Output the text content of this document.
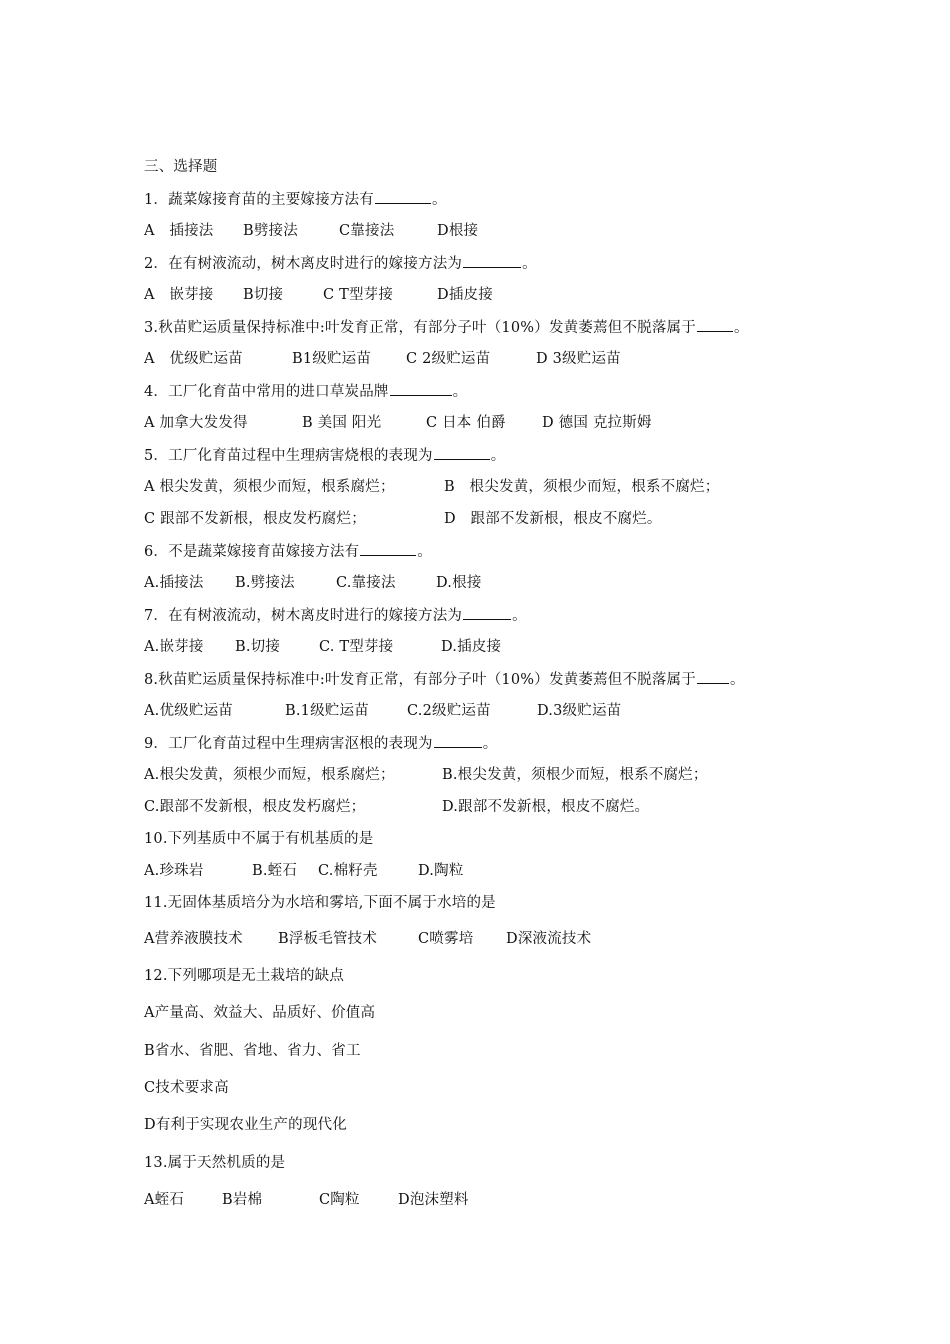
三、选择题
1．蔬菜嫁接育苗的主要嫁接方法有	。
A　插接法 B劈接法	C靠接法	D根接
2．在有树液流动，树木离皮时进行的嫁接方法为	。
A　嵌芽接 B切接	C T型芽接	D插皮接
3.秋苗贮运质量保持标准中:叶发育正常，有部分子叶（10%）发黄萎蔫但不脱落属于	。
A　优级贮运苗	B1级贮运苗 C 2级贮运苗	D 3级贮运苗
4．工厂化育苗中常用的进口草炭品牌	。
A 加拿大发发得	B 美国 阳光	C 日本 伯爵	D 德国 克拉斯姆
5．工厂化育苗过程中生理病害烧根的表现为	。
A 根尖发黄，须根少而短，根系腐烂；	B　根尖发黄，须根少而短，根系不腐烂；
C 跟部不发新根，根皮发朽腐烂；	D　跟部不发新根，根皮不腐烂。
6．不是蔬菜嫁接育苗嫁接方法有	。
A.插接法 B.劈接法	C.靠接法	D.根接
7．在有树液流动，树木离皮时进行的嫁接方法为	。
A.嵌芽接 B.切接	C. T型芽接	D.插皮接
8.秋苗贮运质量保持标准中:叶发育正常，有部分子叶（10%）发黄萎蔫但不脱落属于 。
A.优级贮运苗	B.1级贮运苗	C.2级贮运苗	D.3级贮运苗
9．工厂化育苗过程中生理病害沤根的表现为	。
A.根尖发黄，须根少而短，根系腐烂；	B.根尖发黄，须根少而短，根系不腐烂；
C.跟部不发新根，根皮发朽腐烂；	D.跟部不发新根，根皮不腐烂。
10.下列基质中不属于有机基质的是
A.珍珠岩	B.蛭石 C.棉籽壳	D.陶粒
11.无固体基质培分为水培和雾培,下面不属于水培的是
A营养液膜技术 B浮板毛管技术	C喷雾培 D深液流技术
12.下列哪项是无土栽培的缺点
A产量高、效益大、品质好、价值高
B省水、省肥、省地、省力、省工
C技术要求高
D有利于实现农业生产的现代化
13.属于天然机质的是
A蛭石	B岩棉	C陶粒	D泡沫塑料
